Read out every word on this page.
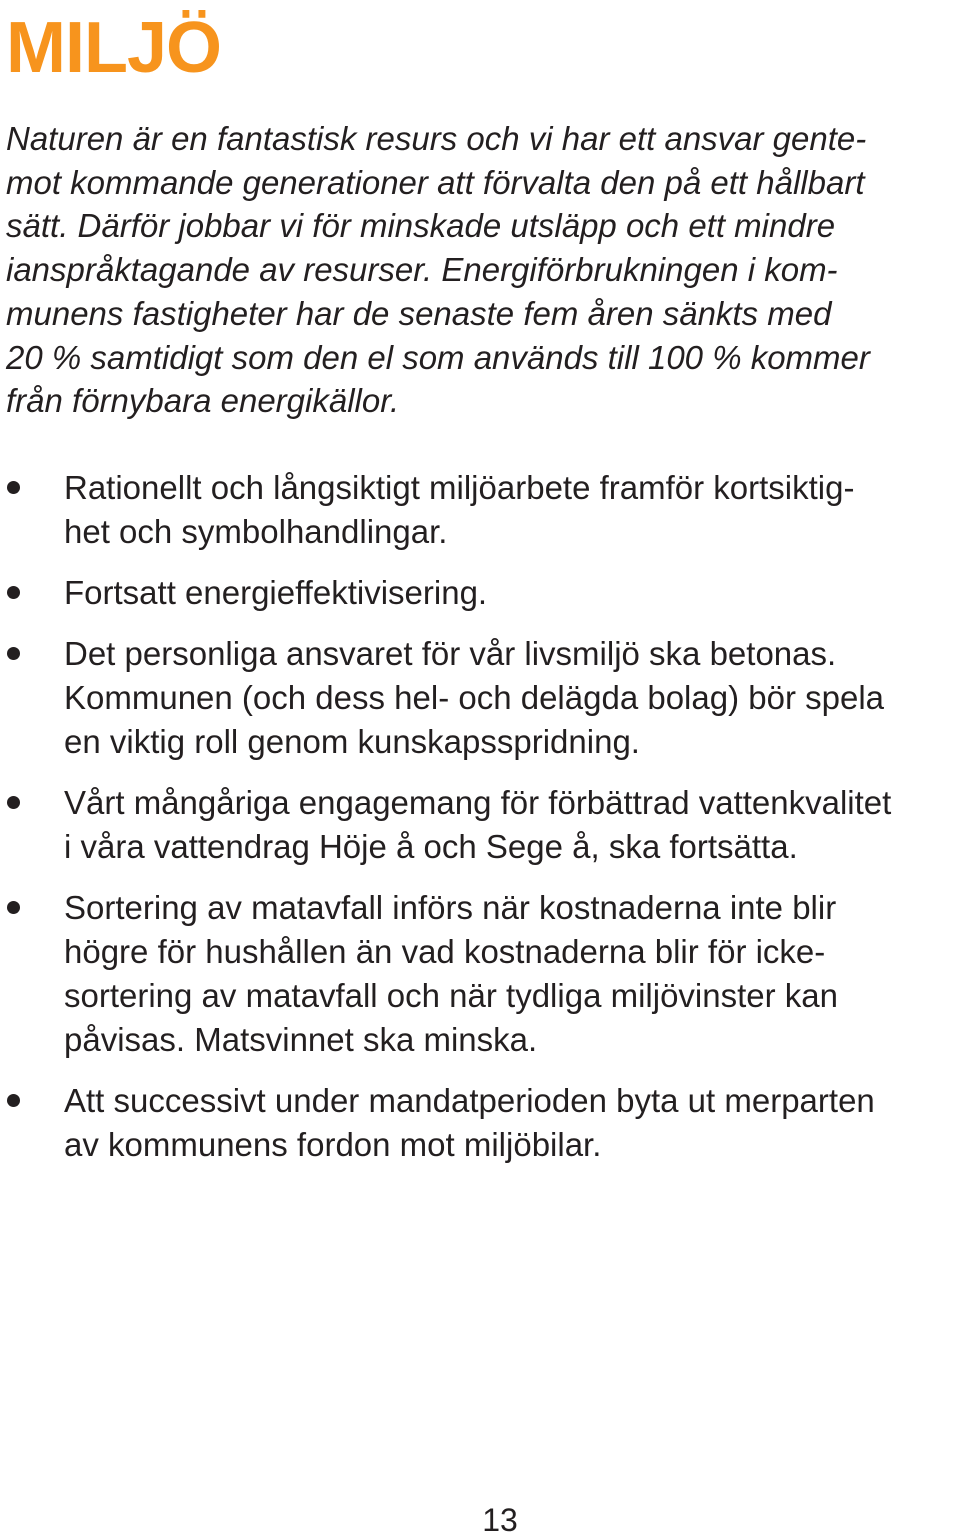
MILJÖ

Naturen är en fantastisk resurs och vi har ett ansvar gente-
mot kommande generationer att förvalta den på ett hållbart
sätt. Därför jobbar vi för minskade utsläpp och ett mindre
ianspråktagande av resurser. Energiförbrukningen i kom-
munens fastigheter har de senaste fem åren sänkts med
20 % samtidigt som den el som används till 100 % kommer
från förnybara energikällor.

Rationellt och långsiktigt miljöarbete framför kortsiktig-
het och symbolhandlingar.
Fortsatt energieffektivisering.
Det personliga ansvaret för vår livsmiljö ska betonas.
Kommunen (och dess hel- och delägda bolag) bör spela
en viktig roll genom kunskapsspridning.
Vårt mångåriga engagemang för förbättrad vattenkvalitet
i våra vattendrag Höje å och Sege å, ska fortsätta.
Sortering av matavfall införs när kostnaderna inte blir
högre för hushållen än vad kostnaderna blir för icke-
sortering av matavfall och när tydliga miljövinster kan
påvisas. Matsvinnet ska minska.
Att successivt under mandatperioden byta ut merparten
av kommunens fordon mot miljöbilar.
13
